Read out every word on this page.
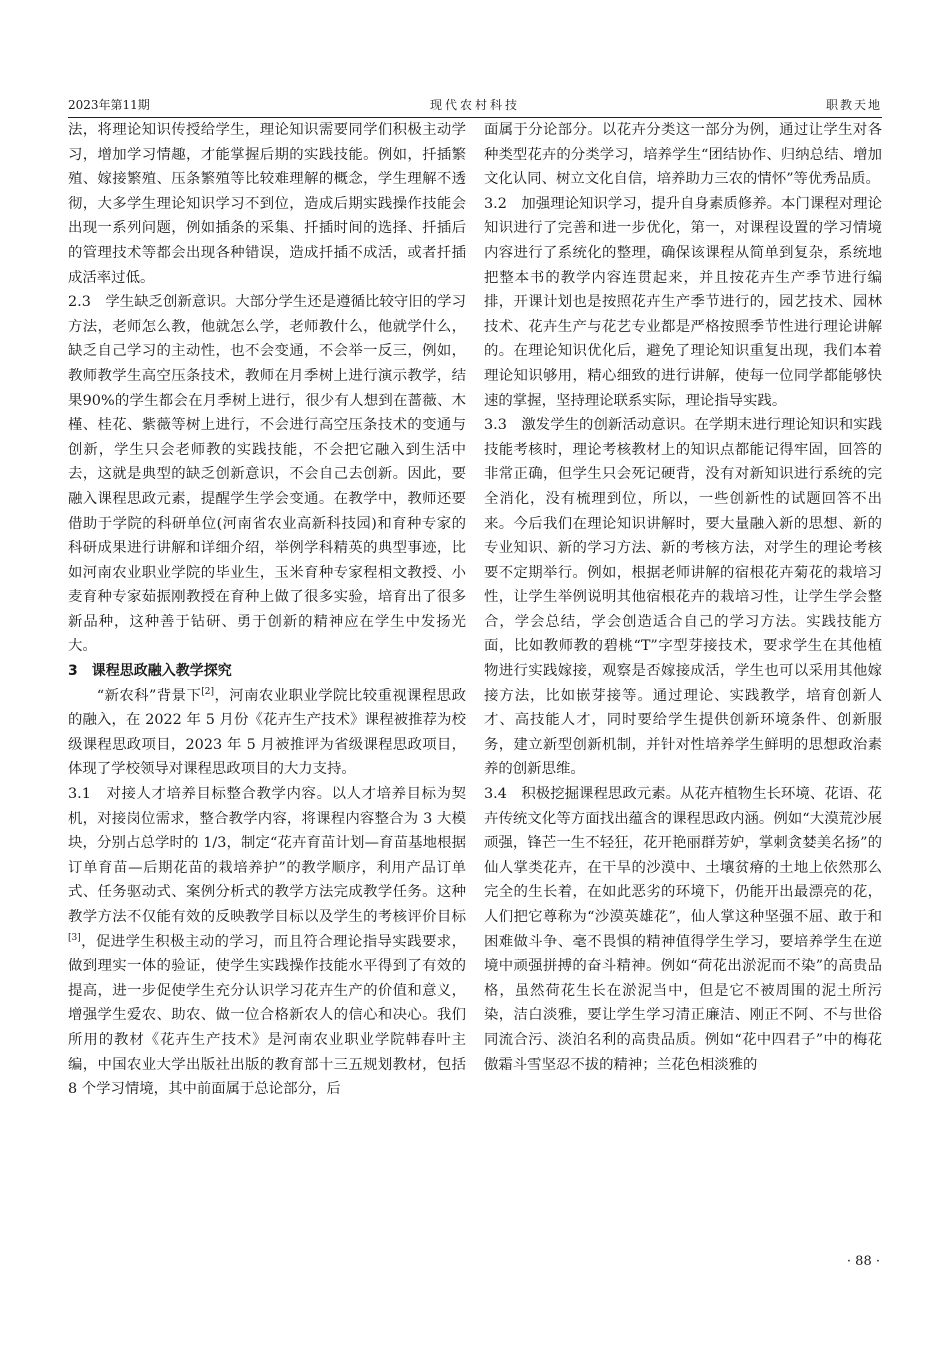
2023年第11期	现代农村科技	职教天地

法，将理论知识传授给学生，理论知识需要同学们积极主动学习，增加学习情趣，才能掌握后期的实践技能。例如，扦插繁殖、嫁接繁殖、压条繁殖等比较难理解的概念，学生理解不透彻，大多学生理论知识学习不到位，造成后期实践操作技能会出现一系列问题，例如插条的采集、扦插时间的选择、扦插后的管理技术等都会出现各种错误，造成扦插不成活，或者扦插成活率过低。

2.3　学生缺乏创新意识。大部分学生还是遵循比较守旧的学习方法，老师怎么教，他就怎么学，老师教什么，他就学什么，缺乏自己学习的主动性，也不会变通，不会举一反三，例如，教师教学生高空压条技术，教师在月季树上进行演示教学，结果90%的学生都会在月季树上进行，很少有人想到在蔷薇、木槿、桂花、紫薇等树上进行，不会进行高空压条技术的变通与创新，学生只会老师教的实践技能，不会把它融入到生活中去，这就是典型的缺乏创新意识，不会自己去创新。因此，要融入课程思政元素，提醒学生学会变通。在教学中，教师还要借助于学院的科研单位(河南省农业高新科技园)和育种专家的科研成果进行讲解和详细介绍，举例学科精英的典型事迹，比如河南农业职业学院的毕业生，玉米育种专家程相文教授、小麦育种专家茹振刚教授在育种上做了很多实验，培育出了很多新品种，这种善于钻研、勇于创新的精神应在学生中发扬光大。

3　课程思政融入教学探究

“新农科”背景下[2]，河南农业职业学院比较重视课程思政的融入，在 2022 年 5 月份《花卉生产技术》课程被推荐为校级课程思政项目，2023 年 5 月被推评为省级课程思政项目，体现了学校领导对课程思政项目的大力支持。

3.1　对接人才培养目标整合教学内容。以人才培养目标为契机，对接岗位需求，整合教学内容，将课程内容整合为 3 大模块，分别占总学时的 1/3，制定“花卉育苗计划—育苗基地根据订单育苗—后期花苗的栽培养护”的教学顺序，利用产品订单式、任务驱动式、案例分析式的教学方法完成教学任务。这种教学方法不仅能有效的反映教学目标以及学生的考核评价目标[3]，促进学生积极主动的学习，而且符合理论指导实践要求，做到理实一体的验证，使学生实践操作技能水平得到了有效的提高，进一步促使学生充分认识学习花卉生产的价值和意义，增强学生爱农、助农、做一位合格新农人的信心和决心。我们所用的教材《花卉生产技术》是河南农业职业学院韩春叶主编，中国农业大学出版社出版的教育部十三五规划教材，包括 8 个学习情境，其中前面属于总论部分，后

面属于分论部分。以花卉分类这一部分为例，通过让学生对各种类型花卉的分类学习，培养学生“团结协作、归纳总结、增加文化认同、树立文化自信，培养助力三农的情怀”等优秀品质。

3.2　加强理论知识学习，提升自身素质修养。本门课程对理论知识进行了完善和进一步优化，第一，对课程设置的学习情境内容进行了系统化的整理，确保该课程从简单到复杂，系统地把整本书的教学内容连贯起来，并且按花卉生产季节进行编排，开课计划也是按照花卉生产季节进行的，园艺技术、园林技术、花卉生产与花艺专业都是严格按照季节性进行理论讲解的。在理论知识优化后，避免了理论知识重复出现，我们本着理论知识够用，精心细致的进行讲解，使每一位同学都能够快速的掌握，坚持理论联系实际，理论指导实践。

3.3　激发学生的创新活动意识。在学期末进行理论知识和实践技能考核时，理论考核教材上的知识点都能记得牢固，回答的非常正确，但学生只会死记硬背，没有对新知识进行系统的完全消化，没有梳理到位，所以，一些创新性的试题回答不出来。今后我们在理论知识讲解时，要大量融入新的思想、新的专业知识、新的学习方法、新的考核方法，对学生的理论考核要不定期举行。例如，根据老师讲解的宿根花卉菊花的栽培习性，让学生举例说明其他宿根花卉的栽培习性，让学生学会整合，学会总结，学会创造适合自己的学习方法。实践技能方面，比如教师教的碧桃“T”字型芽接技术，要求学生在其他植物进行实践嫁接，观察是否嫁接成活，学生也可以采用其他嫁接方法，比如嵌芽接等。通过理论、实践教学，培育创新人才、高技能人才，同时要给学生提供创新环境条件、创新服务，建立新型创新机制，并针对性培养学生鲜明的思想政治素养的创新思维。

3.4　积极挖掘课程思政元素。从花卉植物生长环境、花语、花卉传统文化等方面找出蕴含的课程思政内涵。例如“大漠荒沙展顽强，锋芒一生不轻狂，花开艳丽群芳妒，掌刺贪婪美名扬”的仙人掌类花卉，在干旱的沙漠中、土壤贫瘠的土地上依然那么完全的生长着，在如此恶劣的环境下，仍能开出最漂亮的花，人们把它尊称为“沙漠英雄花”，仙人掌这种坚强不屈、敢于和困难做斗争、毫不畏惧的精神值得学生学习，要培养学生在逆境中顽强拼搏的奋斗精神。例如“荷花出淤泥而不染”的高贵品格，虽然荷花生长在淤泥当中，但是它不被周围的泥土所污染，洁白淡雅，要让学生学习清正廉洁、刚正不阿、不与世俗同流合污、淡泊名利的高贵品质。例如“花中四君子”中的梅花傲霜斗雪坚忍不拔的精神；兰花色相淡雅的

· 88 ·
